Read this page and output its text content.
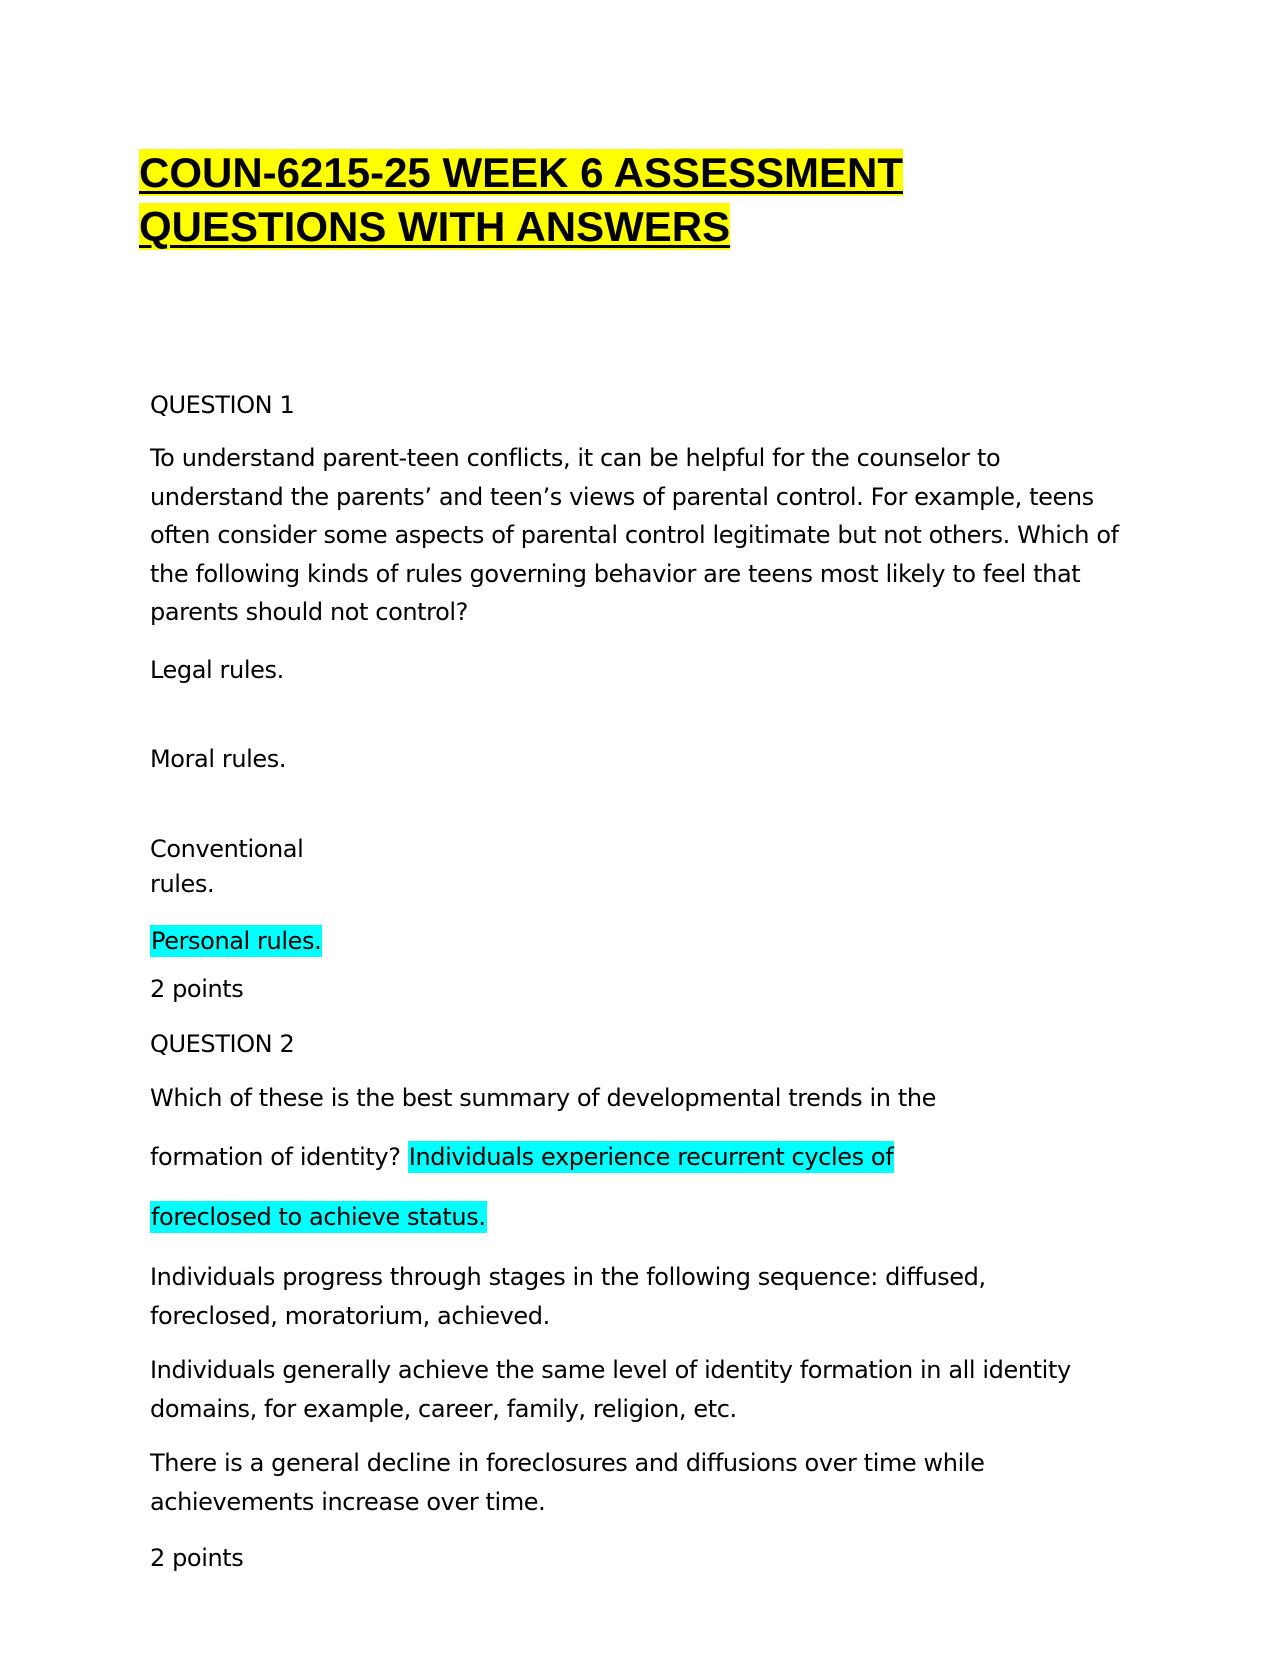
COUN-6215-25 WEEK 6 ASSESSMENT
QUESTIONS WITH ANSWERS

QUESTION 1

To understand parent-teen conflicts, it can be helpful for the counselor to understand the parents’ and teen’s views of parental control. For example, teens often consider some aspects of parental control legitimate but not others. Which of the following kinds of rules governing behavior are teens most likely to feel that parents should not control?

Legal rules.

Moral rules.

Conventional rules.

Personal rules.

2 points

QUESTION 2

Which of these is the best summary of developmental trends in the

formation of identity? Individuals experience recurrent cycles of

foreclosed to achieve status.

Individuals progress through stages in the following sequence: diffused, foreclosed, moratorium, achieved.

Individuals generally achieve the same level of identity formation in all identity domains, for example, career, family, religion, etc.

There is a general decline in foreclosures and diffusions over time while achievements increase over time.

2 points
